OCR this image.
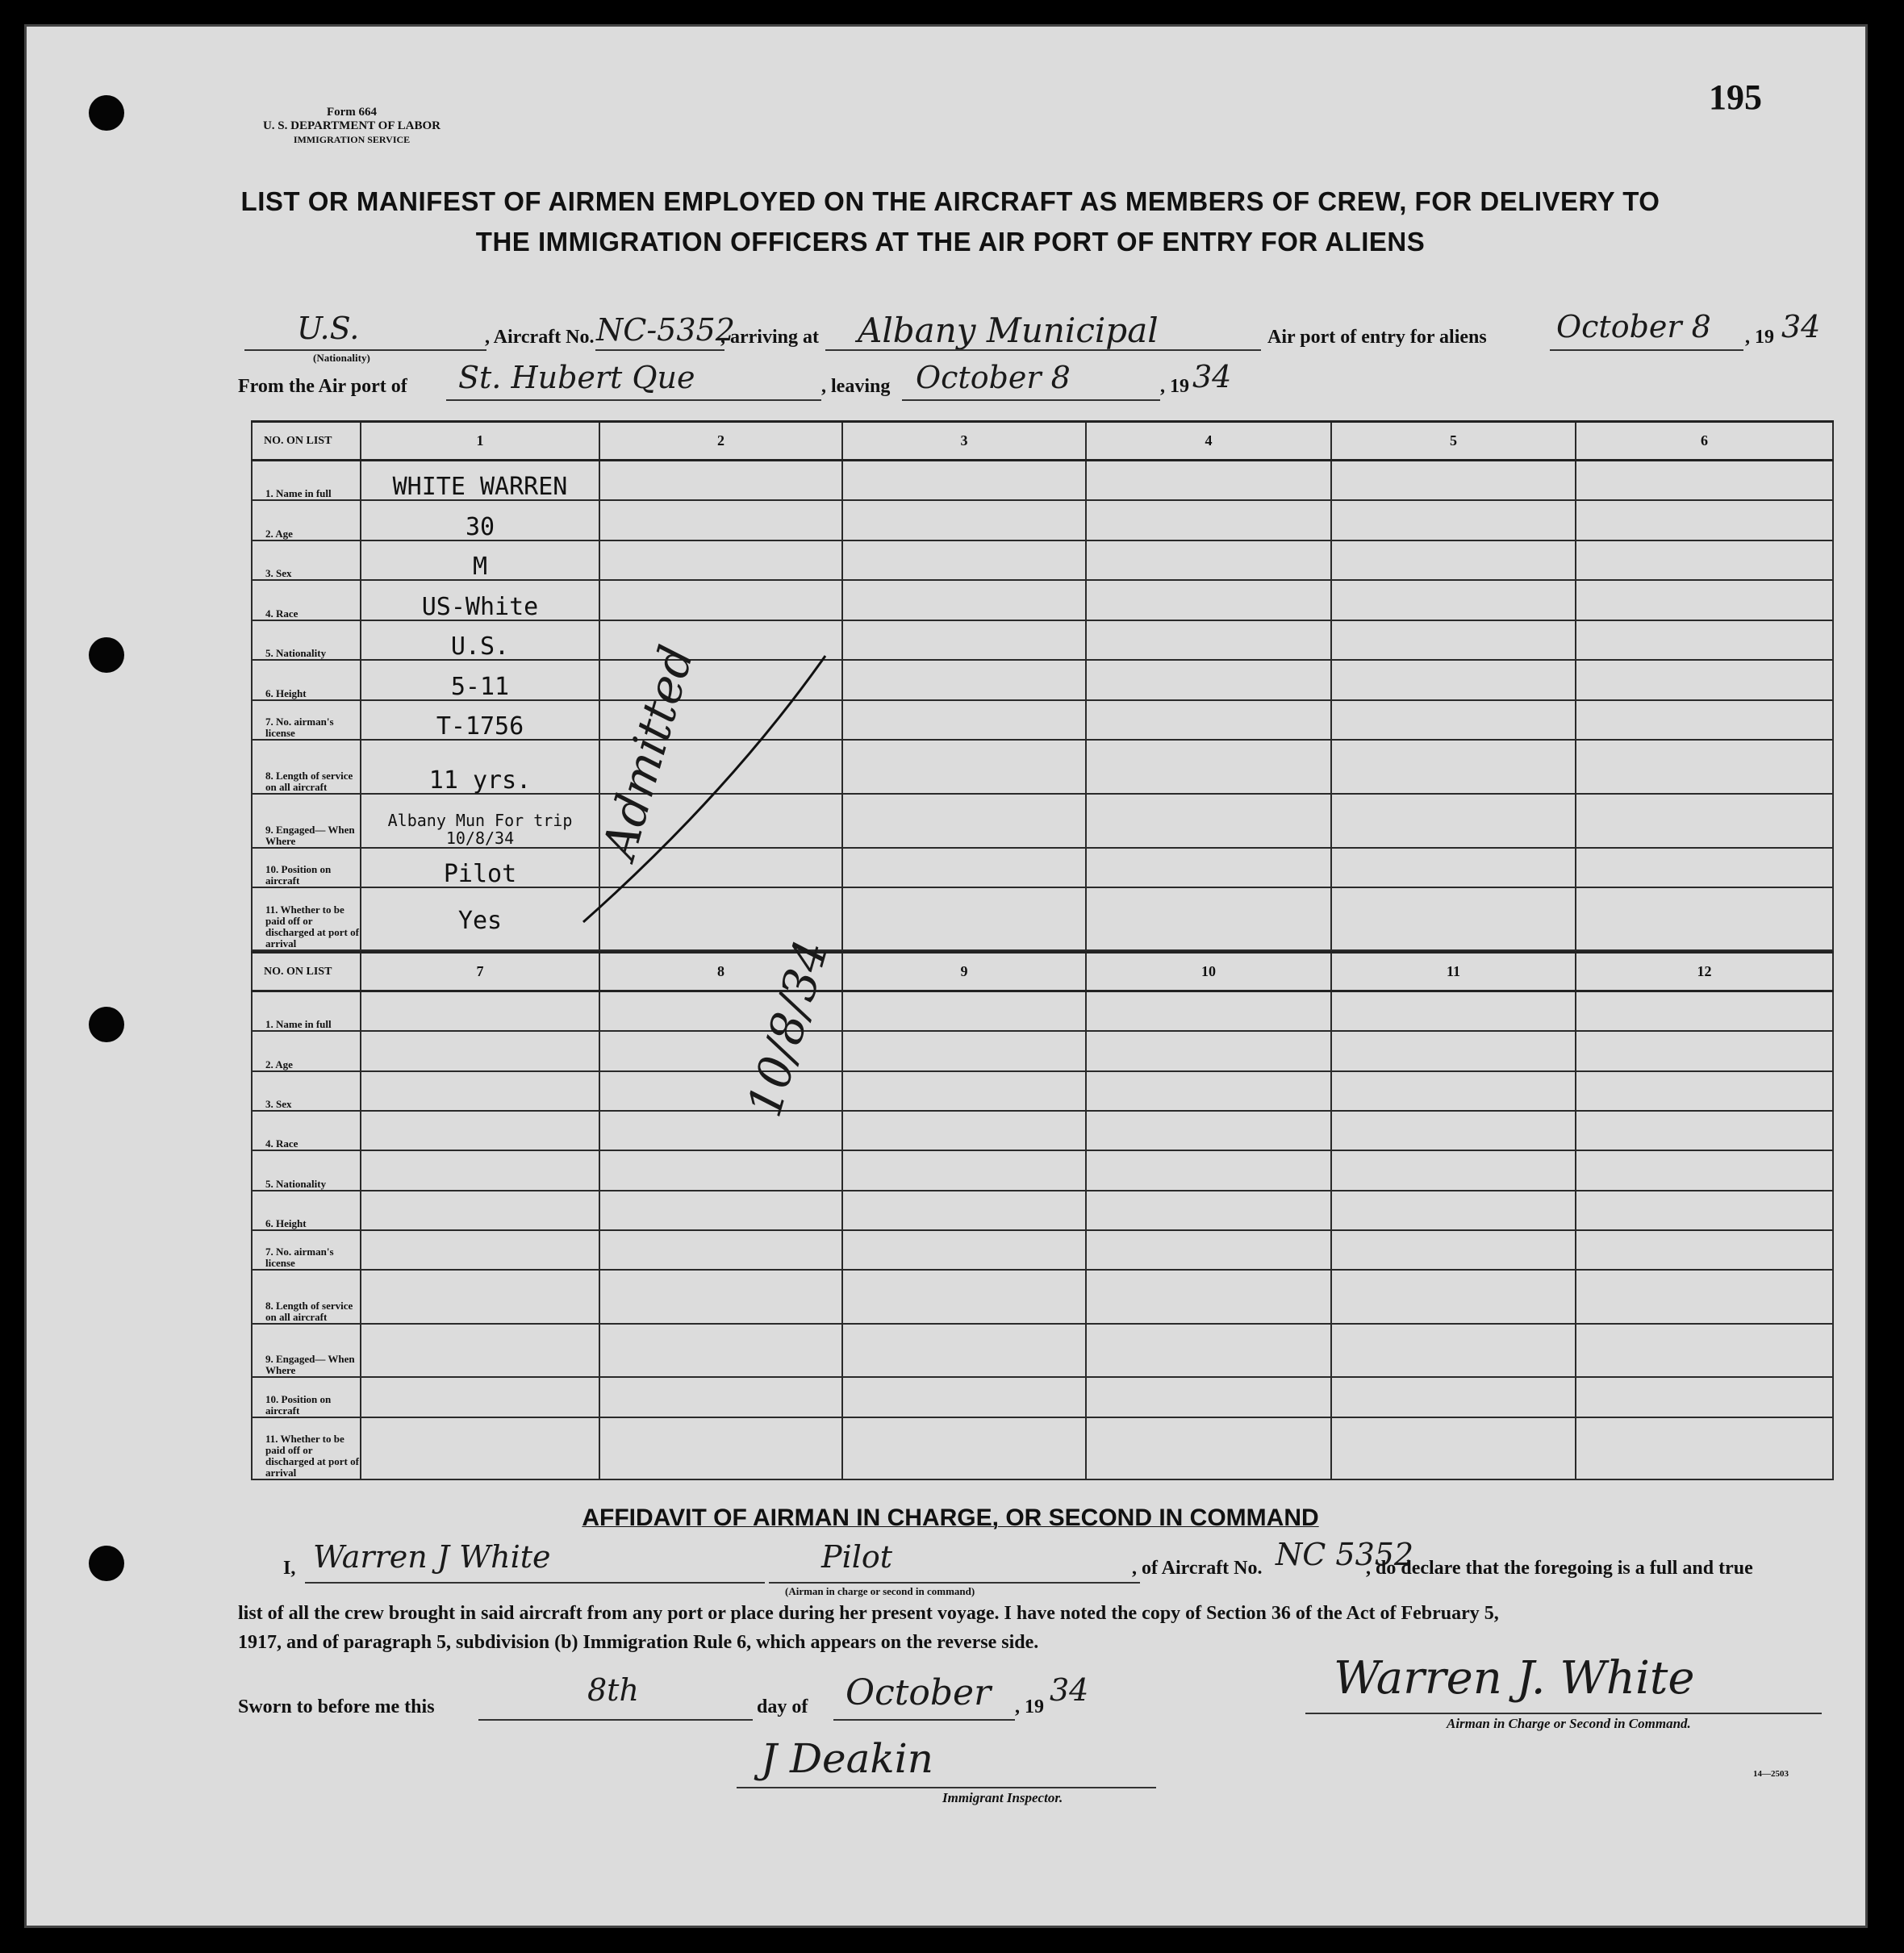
195
Form 664
U. S. DEPARTMENT OF LABOR
IMMIGRATION SERVICE
LIST OR MANIFEST OF AIRMEN EMPLOYED ON THE AIRCRAFT AS MEMBERS OF CREW, FOR DELIVERY TO
THE IMMIGRATION OFFICERS AT THE AIR PORT OF ENTRY FOR ALIENS
U.S.
(Nationality)
, Aircraft No. NC-5352
, arriving at Albany Municipal	Air port of entry for aliens October 8 , 19 34
From the Air port of St. Hubert Que	, leaving October 8	, 19 34
NO. ON LIST	1	2	3	4	5	6
1. Name in full	WHITE WARREN					

2. Age	30					

3. Sex	M					

4. Race	US-White					

5. Nationality	U.S.					

6. Height	5-11					

7. No. airman's license	T-1756					

8. Length of service on all aircraft	11 yrs.					

9. Engaged— When Where	Albany Mun For trip 10/8/34					

10. Position on aircraft	Pilot					

11. Whether to be paid off or discharged at port of arrival	Yes					

NO. ON LIST	7	8	9	10	11	12
1. Name in full						
2. Age						
3. Sex						
4. Race						
5. Nationality						
6. Height						
7. No. airman's license						
8. Length of service on all aircraft						
9. Engaged— When Where						
10. Position on aircraft						
11. Whether to be paid off or discharged at port of arrival						
Admitted
10/8/34
AFFIDAVIT OF AIRMAN IN CHARGE, OR SECOND IN COMMAND
I, Warren J White	Pilot
(Airman in charge or second in command)
, of Aircraft No. NC 5352
, do declare that the foregoing is a full and true
list of all the crew brought in said aircraft from any port or place during her present voyage. I have noted the copy of Section 36 of the Act of February 5,
1917, and of paragraph 5, subdivision (b) Immigration Rule 6, which appears on the reverse side.
Sworn to before me this	8th	day of October , 19 34	Warren J. White
Airman in Charge or Second in Command.
J Deakin
Immigrant Inspector.
14—2503
